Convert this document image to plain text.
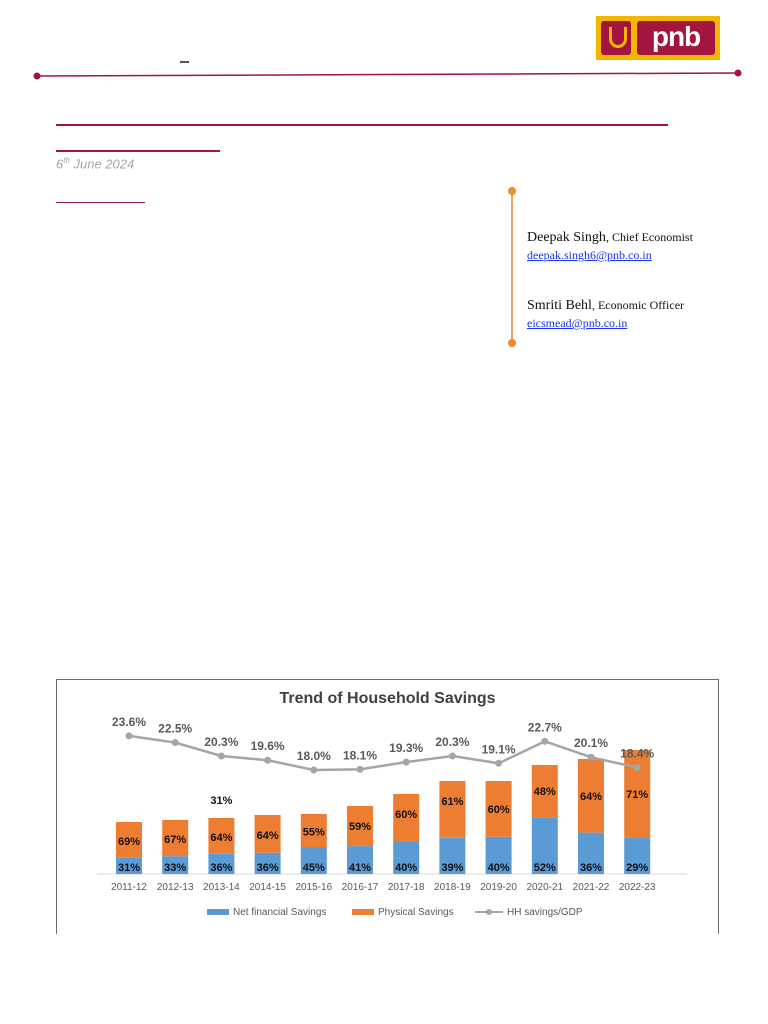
pnb
6th June 2024
Deepak Singh, Chief Economist
deepak.singh6@pnb.co.in
Smriti Behl, Economic Officer
eicsmead@pnb.co.in
Trend of Household Savings
31%
69%
2011-12
33%
67%
2012-13
36%
64%
2013-14
36%
64%
2014-15
45%
55%
2015-16
41%
59%
2016-17
40%
60%
2017-18
39%
61%
2018-19
40%
60%
2019-20
52%
48%
2020-21
36%
64%
2021-22
29%
71%
2022-23
23.6% 22.5%
20.3% 19.6%
18.0% 18.1%
19.3% 20.3%
19.1%
22.7%
20.1%
18.4%
31%
Net financial Savings	Physical Savings	HH savings/GDP
